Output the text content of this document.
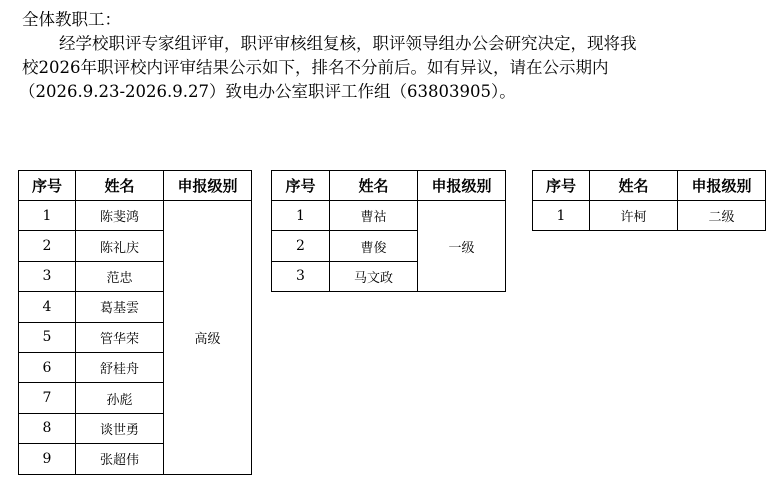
全体教职工：
经学校职评专家组评审，职评审核组复核，职评领导组办公会研究决定，现将我
校2026年职评校内评审结果公示如下，排名不分前后。如有异议，请在公示期内
（2026.9.23-2026.9.27）致电办公室职评工作组（63803905）。
序号	姓名	申报级别
1	陈斐鸿	高级
2	陈礼庆	
3	范忠	
4	葛基雲	
5	管华荣	
6	舒桂舟	
7	孙彪	
8	谈世勇	
9	张超伟	
序号	姓名	申报级别
1	曹祜	一级
2	曹俊	
3	马文政	
序号	姓名	申报级别
1	许柯	二级
